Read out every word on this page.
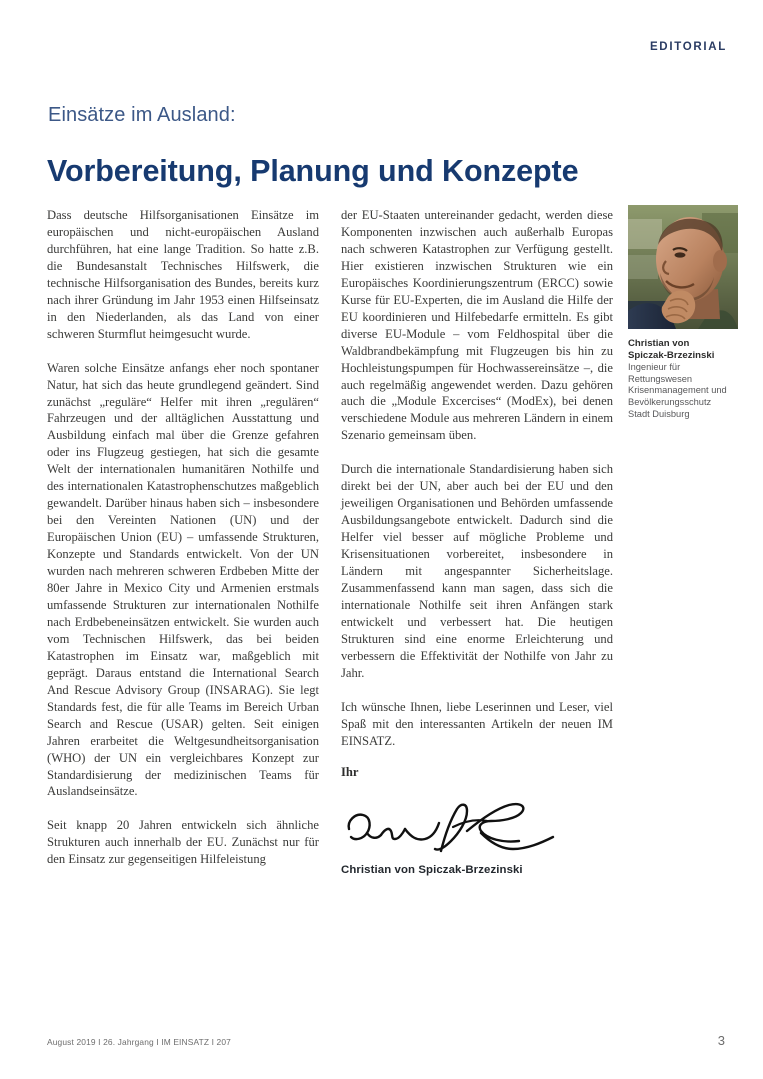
EDITORIAL
Einsätze im Ausland:
Vorbereitung, Planung und Konzepte

Dass deutsche Hilfsorganisationen Einsätze im europäischen und nicht-europäischen Ausland durchführen, hat eine lange Tradition. So hatte z.B. die Bundesanstalt Technisches Hilfswerk, die technische Hilfsorganisation des Bundes, bereits kurz nach ihrer Gründung im Jahr 1953 einen Hilfseinsatz in den Niederlanden, als das Land von einer schweren Sturmflut heimgesucht wurde.

Waren solche Einsätze anfangs eher noch spontaner Natur, hat sich das heute grundlegend geändert. Sind zunächst „reguläre“ Helfer mit ihren „regulären“ Fahrzeugen und der alltäglichen Ausstattung und Ausbildung einfach mal über die Grenze gefahren oder ins Flugzeug gestiegen, hat sich die gesamte Welt der internationalen humanitären Nothilfe und des internationalen Katastrophenschutzes maßgeblich gewandelt. Darüber hinaus haben sich – insbesondere bei den Vereinten Nationen (UN) und der Europäischen Union (EU) – umfassende Strukturen, Konzepte und Standards entwickelt. Von der UN wurden nach mehreren schweren Erdbeben Mitte der 80er Jahre in Mexico City und Armenien erstmals umfassende Strukturen zur internationalen Nothilfe nach Erdbebeneinsätzen entwickelt. Sie wurden auch vom Technischen Hilfswerk, das bei beiden Katastrophen im Einsatz war, maßgeblich mit geprägt. Daraus entstand die International Search And Rescue Advisory Group (INSARAG). Sie legt Standards fest, die für alle Teams im Bereich Urban Search and Rescue (USAR) gelten. Seit einigen Jahren erarbeitet die Weltgesundheitsorganisation (WHO) der UN ein vergleichbares Konzept zur Standardisierung der medizinischen Teams für Auslandseinsätze.

Seit knapp 20 Jahren entwickeln sich ähnliche Strukturen auch innerhalb der EU. Zunächst nur für den Einsatz zur gegenseitigen Hilfeleistung

der EU-Staaten untereinander gedacht, werden diese Komponenten inzwischen auch außerhalb Europas nach schweren Katastrophen zur Verfügung gestellt. Hier existieren inzwischen Strukturen wie ein Europäisches Koordinierungszentrum (ERCC) sowie Kurse für EU-Experten, die im Ausland die Hilfe der EU koordinieren und Hilfebedarfe ermitteln. Es gibt diverse EU-Module – vom Feldhospital über die Waldbrandbekämpfung mit Flugzeugen bis hin zu Hochleistungspumpen für Hochwassereinsätze –, die auch regelmäßig angewendet werden. Dazu gehören auch die „Module Excercises“ (ModEx), bei denen verschiedene Module aus mehreren Ländern in einem Szenario gemeinsam üben.

Durch die internationale Standardisierung haben sich direkt bei der UN, aber auch bei der EU und den jeweiligen Organisationen und Behörden umfassende Ausbildungsangebote entwickelt. Dadurch sind die Helfer viel besser auf mögliche Probleme und Krisensituationen vorbereitet, insbesondere in Ländern mit angespannter Sicherheitslage. Zusammenfassend kann man sagen, dass sich die internationale Nothilfe seit ihren Anfängen stark entwickelt und verbessert hat. Die heutigen Strukturen sind eine enorme Erleichterung und verbessern die Effektivität der Nothilfe von Jahr zu Jahr.

Ich wünsche Ihnen, liebe Leserinnen und Leser, viel Spaß mit den interessanten Artikeln der neuen IM EINSATZ.

Christian von
Spiczak-Brzezinski
Ingenieur für
Rettungswesen
Krisenmanagement und
Bevölkerungsschutz
Stadt Duisburg
Ihr
Christian von Spiczak-Brzezinski
August 2019 I 26. Jahrgang I IM EINSATZ I 207	3
